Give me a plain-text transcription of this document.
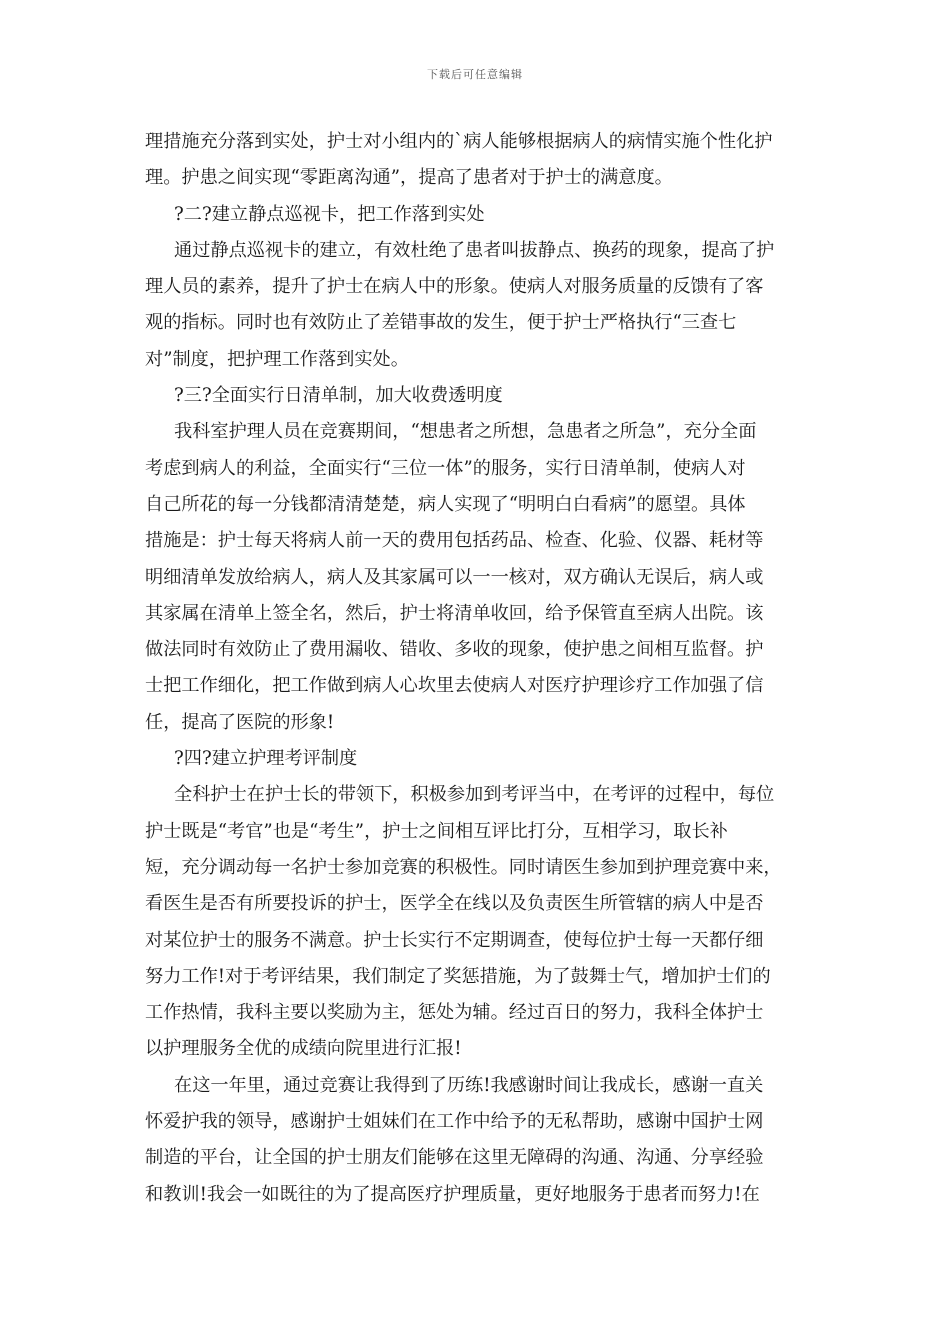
下载后可任意编辑
理措施充分落到实处，护士对小组内的`病人能够根据病人的病情实施个性化护
理。护患之间实现“零距离沟通”，提高了患者对于护士的满意度。
?二?建立静点巡视卡，把工作落到实处
通过静点巡视卡的建立，有效杜绝了患者叫拔静点、换药的现象，提高了护
理人员的素养，提升了护士在病人中的形象。使病人对服务质量的反馈有了客
观的指标。同时也有效防止了差错事故的发生，便于护士严格执行“三查七
对”制度，把护理工作落到实处。
?三?全面实行日清单制，加大收费透明度
我科室护理人员在竞赛期间，“想患者之所想，急患者之所急”，充分全面
考虑到病人的利益，全面实行“三位一体”的服务，实行日清单制，使病人对
自己所花的每一分钱都清清楚楚，病人实现了“明明白白看病”的愿望。具体
措施是：护士每天将病人前一天的费用包括药品、检查、化验、仪器、耗材等
明细清单发放给病人，病人及其家属可以一一核对，双方确认无误后，病人或
其家属在清单上签全名，然后，护士将清单收回，给予保管直至病人出院。该
做法同时有效防止了费用漏收、错收、多收的现象，使护患之间相互监督。护
士把工作细化，把工作做到病人心坎里去使病人对医疗护理诊疗工作加强了信
任，提高了医院的形象!
?四?建立护理考评制度
全科护士在护士长的带领下，积极参加到考评当中，在考评的过程中，每位
护士既是“考官”也是“考生”，护士之间相互评比打分，互相学习，取长补
短，充分调动每一名护士参加竞赛的积极性。同时请医生参加到护理竞赛中来，
看医生是否有所要投诉的护士，医学全在线以及负责医生所管辖的病人中是否
对某位护士的服务不满意。护士长实行不定期调查，使每位护士每一天都仔细
努力工作!对于考评结果，我们制定了奖惩措施，为了鼓舞士气，增加护士们的
工作热情，我科主要以奖励为主，惩处为辅。经过百日的努力，我科全体护士
以护理服务全优的成绩向院里进行汇报!
在这一年里，通过竞赛让我得到了历练!我感谢时间让我成长，感谢一直关
怀爱护我的领导，感谢护士姐妹们在工作中给予的无私帮助，感谢中国护士网
制造的平台，让全国的护士朋友们能够在这里无障碍的沟通、沟通、分享经验
和教训!我会一如既往的为了提高医疗护理质量，更好地服务于患者而努力!在
